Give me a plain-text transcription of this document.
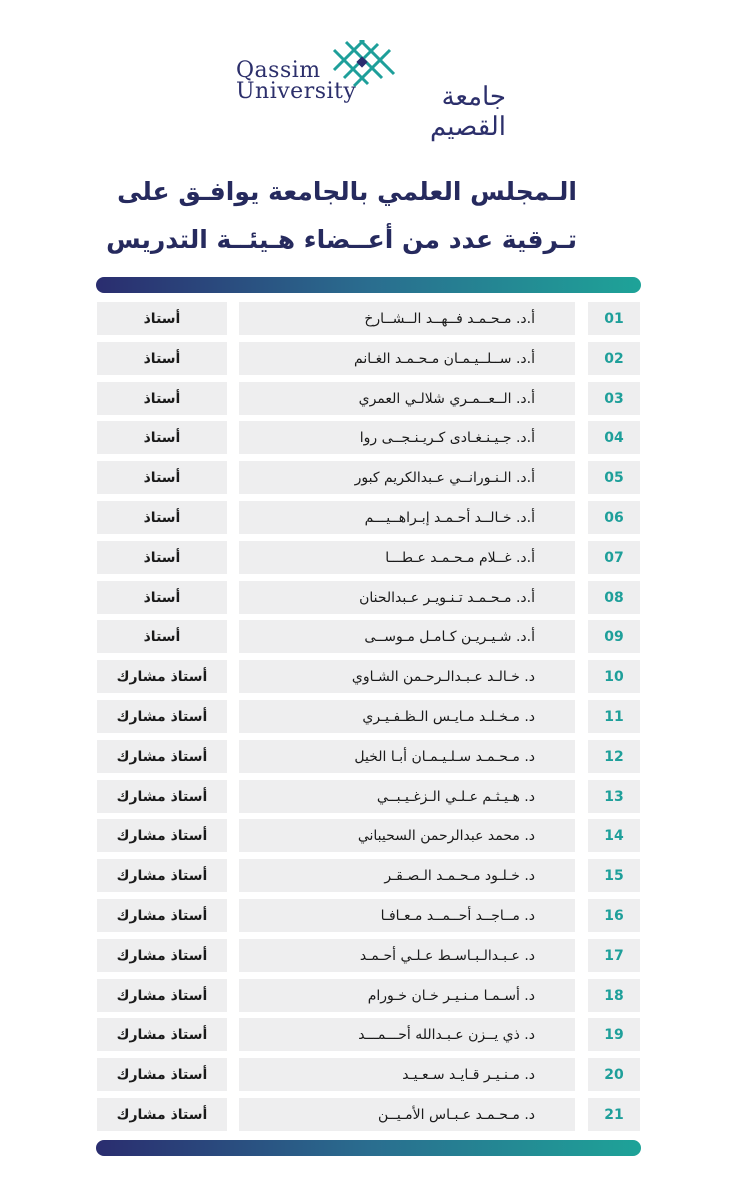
Qassim
University	جامعة القصيم
الـمجلس العلمي بالجامعة يوافـق على
تـرقية عدد من أعــضاء هـيئــة التدريس
أستاذ	أ.د. مـحـمـد فــهــد الــشــارخ	01
أستاذ	أ.د. ســلــيـمـان مـحـمـد الغـانم	02
أستاذ	أ.د. الــعــمـري شلالـي العمري	03
أستاذ	أ.د. جـيـنـغـادى كـريـنـجــى روا	04
أستاذ	أ.د. الـنـورانــي عـبدالكريم كبور	05
أستاذ	أ.د. خـالــد أحـمـد إبـراهــيـــم	06
أستاذ	أ.د. غــلام مـحـمـد عـطـــا	07
أستاذ	أ.د. مـحـمـد تـنـويـر عـبدالحنان	08
أستاذ	أ.د. شـيـريـن كـامـل مـوســى	09
أستاذ مشارك	د. خـالـد عـبـدالـرحـمن الشـاوي	10
أستاذ مشارك	د. مـخـلـد مـايـس الـظـفـيـري	11
أستاذ مشارك	د. مـحـمـد سـلـيـمـان أبـا الخيل	12
أستاذ مشارك	د. هـيـثـم عـلـي الـزغـيـبــي	13
أستاذ مشارك	د. محمد عبدالرحمن السحيباني	14
أستاذ مشارك	د. خـلـود مـحـمـد الـصـقـر	15
أستاذ مشارك	د. مــاجــد أحــمــد مـعـافـا	16
أستاذ مشارك	د. عـبـدالـبـاسـط عـلـي أحـمـد	17
أستاذ مشارك	د. أسـمـا مـنـيـر خـان خـورام	18
أستاذ مشارك	د. ذي يــزن عـبـدالله أحـــمـــد	19
أستاذ مشارك	د. مـنـيـر قـايـد سـعـيـد	20
أستاذ مشارك	د. مـحـمـد عـبـاس الأمـيــن	21
